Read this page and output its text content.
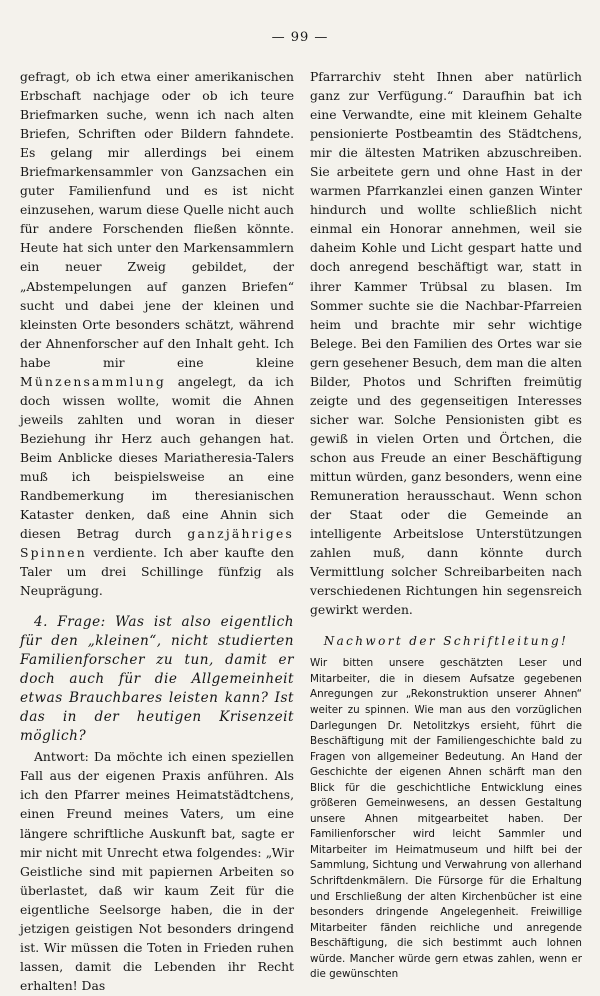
— 99 —

gefragt, ob ich etwa einer amerikanischen Erbschaft nachjage oder ob ich teure Briefmarken suche, wenn ich nach alten Briefen, Schriften oder Bildern fahndete. Es gelang mir allerdings bei einem Briefmarkensammler von Ganzsachen ein guter Familienfund und es ist nicht einzusehen, warum diese Quelle nicht auch für andere Forschenden fließen könnte. Heute hat sich unter den Markensammlern ein neuer Zweig gebildet, der „Abstempelungen auf ganzen Briefen“ sucht und dabei jene der kleinen und kleinsten Orte besonders schätzt, während der Ahnenforscher auf den Inhalt geht. Ich habe mir eine kleine Münzensammlung angelegt, da ich doch wissen wollte, womit die Ahnen jeweils zahlten und woran in dieser Beziehung ihr Herz auch gehangen hat. Beim Anblicke dieses Mariatheresia-Talers muß ich beispielsweise an eine Randbemerkung im theresianischen Kataster denken, daß eine Ahnin sich diesen Betrag durch ganzjähriges Spinnen verdiente. Ich aber kaufte den Taler um drei Schillinge fünfzig als Neuprägung.

4. Frage: Was ist also eigentlich für den „kleinen“, nicht studierten Familienforscher zu tun, damit er doch auch für die Allgemeinheit etwas Brauchbares leisten kann? Ist das in der heutigen Krisenzeit möglich?

Antwort: Da möchte ich einen speziellen Fall aus der eigenen Praxis anführen. Als ich den Pfarrer meines Heimatstädtchens, einen Freund meines Vaters, um eine längere schriftliche Auskunft bat, sagte er mir nicht mit Unrecht etwa folgendes: „Wir Geistliche sind mit papiernen Arbeiten so überlastet, daß wir kaum Zeit für die eigentliche Seelsorge haben, die in der jetzigen geistigen Not besonders dringend ist. Wir müssen die Toten in Frieden ruhen lassen, damit die Lebenden ihr Recht erhalten! Das

Pfarrarchiv steht Ihnen aber natürlich ganz zur Verfügung.“ Daraufhin bat ich eine Verwandte, eine mit kleinem Gehalte pensionierte Postbeamtin des Städtchens, mir die ältesten Matriken abzuschreiben. Sie arbeitete gern und ohne Hast in der warmen Pfarrkanzlei einen ganzen Winter hindurch und wollte schließlich nicht einmal ein Honorar annehmen, weil sie daheim Kohle und Licht gespart hatte und doch anregend beschäftigt war, statt in ihrer Kammer Trübsal zu blasen. Im Sommer suchte sie die Nachbar-Pfarreien heim und brachte mir sehr wichtige Belege. Bei den Familien des Ortes war sie gern gesehener Besuch, dem man die alten Bilder, Photos und Schriften freimütig zeigte und des gegenseitigen Interesses sicher war. Solche Pensionisten gibt es gewiß in vielen Orten und Örtchen, die schon aus Freude an einer Beschäftigung mittun würden, ganz besonders, wenn eine Remuneration herausschaut. Wenn schon der Staat oder die Gemeinde an intelligente Arbeitslose Unterstützungen zahlen muß, dann könnte durch Vermittlung solcher Schreibarbeiten nach verschiedenen Richtungen hin segensreich gewirkt werden.

Nachwort der Schriftleitung!

Wir bitten unsere geschätzten Leser und Mitarbeiter, die in diesem Aufsatze gegebenen Anregungen zur „Rekonstruktion unserer Ahnen“ weiter zu spinnen. Wie man aus den vorzüglichen Darlegungen Dr. Netolitzkys ersieht, führt die Beschäftigung mit der Familiengeschichte bald zu Fragen von allgemeiner Bedeutung. An Hand der Geschichte der eigenen Ahnen schärft man den Blick für die geschichtliche Entwicklung eines größeren Gemeinwesens, an dessen Gestaltung unsere Ahnen mitgearbeitet haben. Der Familienforscher wird leicht Sammler und Mitarbeiter im Heimatmuseum und hilft bei der Sammlung, Sichtung und Verwahrung von allerhand Schriftdenkmälern. Die Fürsorge für die Erhaltung und Erschließung der alten Kirchenbücher ist eine besonders dringende Angelegenheit. Freiwillige Mitarbeiter fänden reichliche und anregende Beschäftigung, die sich bestimmt auch lohnen würde. Mancher würde gern etwas zahlen, wenn er die gewünschten
